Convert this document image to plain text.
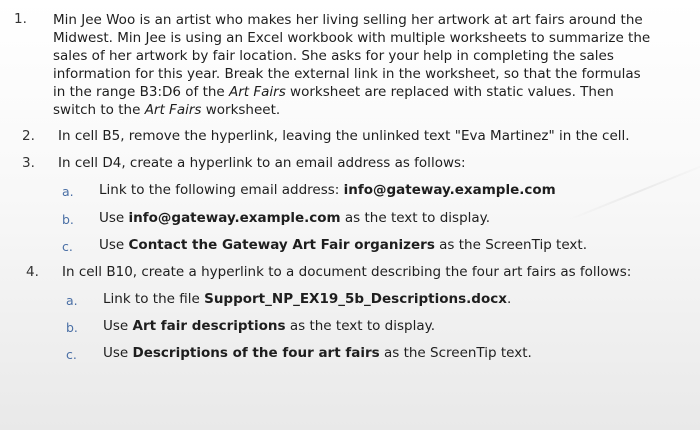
1. Min Jee Woo is an artist who makes her living selling her artwork at art fairs around the
Midwest. Min Jee is using an Excel workbook with multiple worksheets to summarize the
sales of her artwork by fair location. She asks for your help in completing the sales
information for this year. Break the external link in the worksheet, so that the formulas
in the range B3:D6 of the Art Fairs worksheet are replaced with static values. Then
switch to the Art Fairs worksheet.
2. In cell B5, remove the hyperlink, leaving the unlinked text "Eva Martinez" in the cell.
3. In cell D4, create a hyperlink to an email address as follows:
a. Link to the following email address: info@gateway.example.com
b. Use info@gateway.example.com as the text to display.
c. Use Contact the Gateway Art Fair organizers as the ScreenTip text.
4. In cell B10, create a hyperlink to a document describing the four art fairs as follows:
a. Link to the file Support_NP_EX19_5b_Descriptions.docx.
b. Use Art fair descriptions as the text to display.
c. Use Descriptions of the four art fairs as the ScreenTip text.
